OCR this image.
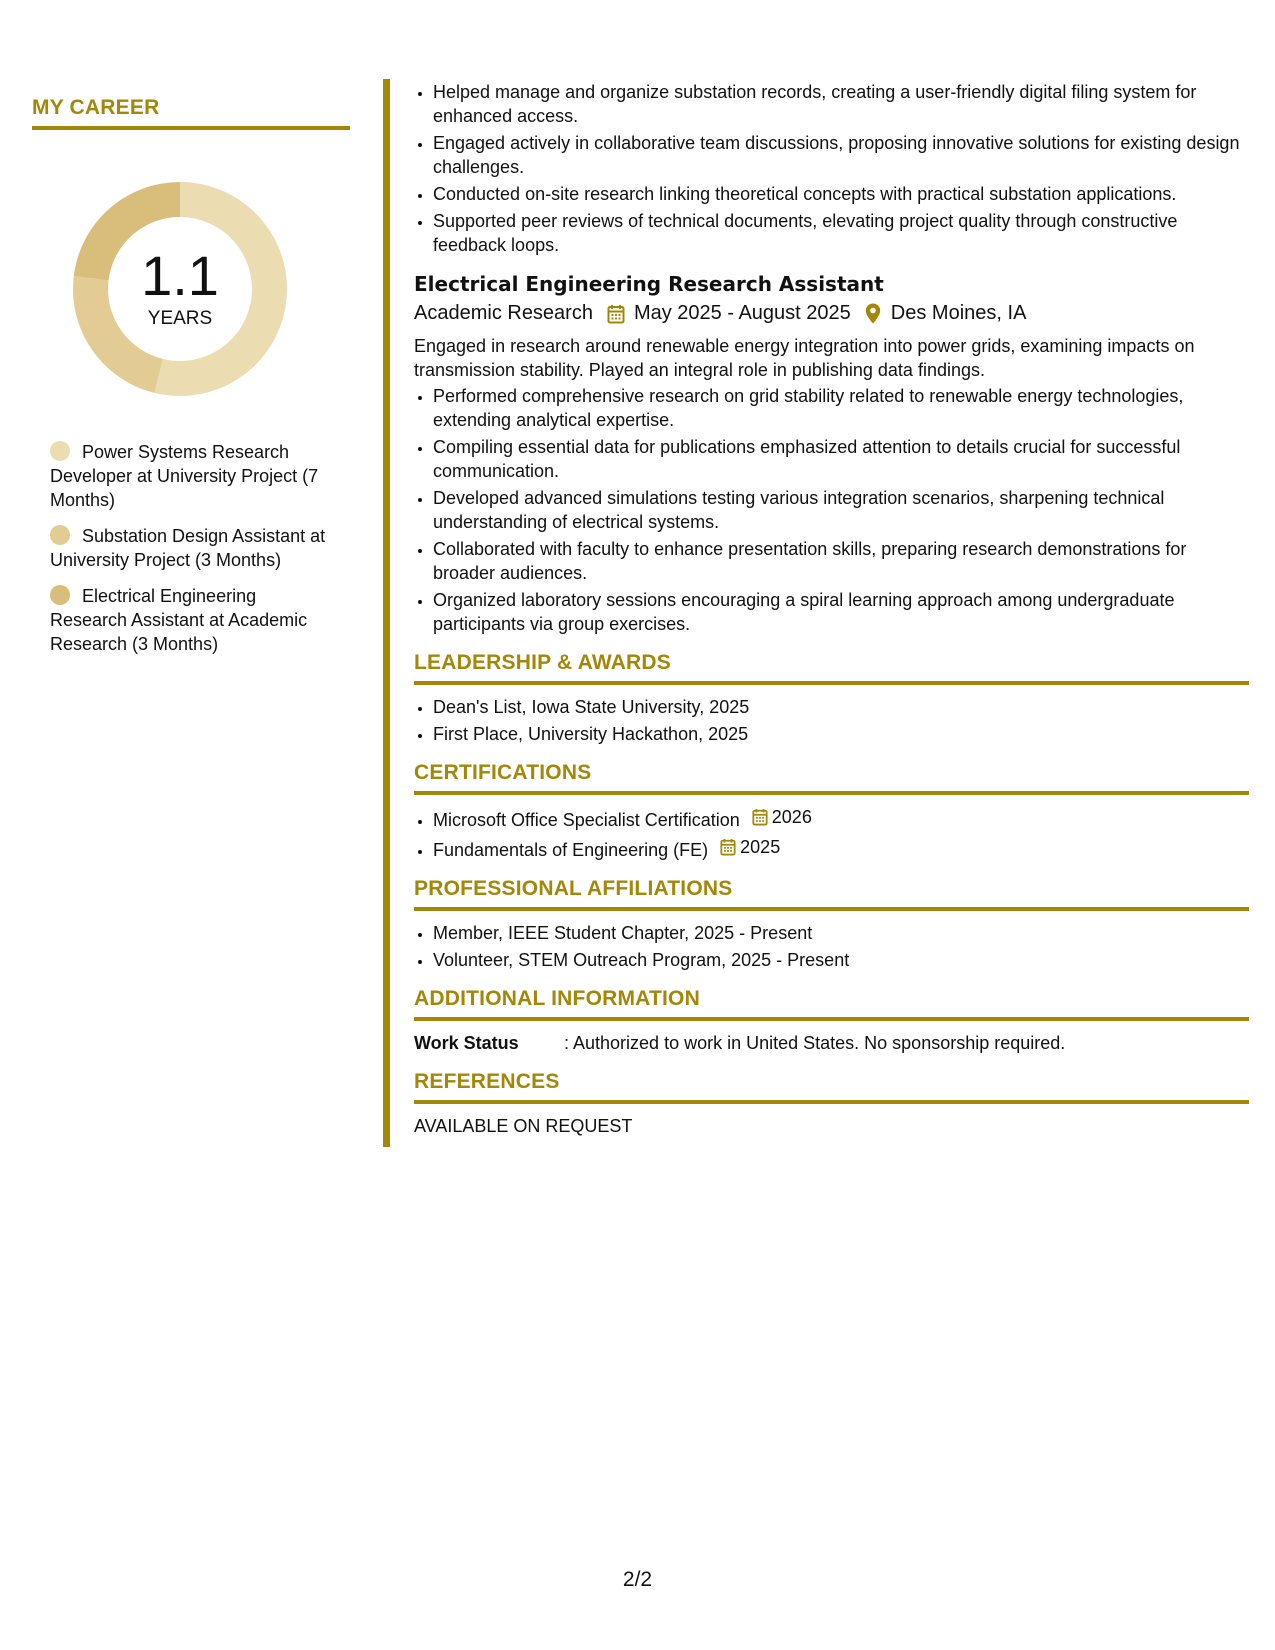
MY CAREER
1.1
YEARS
Power Systems Research Developer at University Project (7 Months)
Substation Design Assistant at University Project (3 Months)
Electrical Engineering Research Assistant at Academic Research (3 Months)
• Helped manage and organize substation records, creating a user-friendly digital filing system for enhanced access.
• Engaged actively in collaborative team discussions, proposing innovative solutions for existing design challenges.
• Conducted on-site research linking theoretical concepts with practical substation applications.
• Supported peer reviews of technical documents, elevating project quality through constructive feedback loops.
Electrical Engineering Research Assistant
Academic Research May 2025 - August 2025 Des Moines, IA
Engaged in research around renewable energy integration into power grids, examining impacts on transmission stability. Played an integral role in publishing data findings.
• Performed comprehensive research on grid stability related to renewable energy technologies, extending analytical expertise.
• Compiling essential data for publications emphasized attention to details crucial for successful communication.
• Developed advanced simulations testing various integration scenarios, sharpening technical understanding of electrical systems.
• Collaborated with faculty to enhance presentation skills, preparing research demonstrations for broader audiences.
• Organized laboratory sessions encouraging a spiral learning approach among undergraduate participants via group exercises.
LEADERSHIP & AWARDS
• Dean's List, Iowa State University, 2025
• First Place, University Hackathon, 2025
CERTIFICATIONS
• Microsoft Office Specialist Certification 2026
• Fundamentals of Engineering (FE) 2025
PROFESSIONAL AFFILIATIONS
• Member, IEEE Student Chapter, 2025 - Present
• Volunteer, STEM Outreach Program, 2025 - Present
ADDITIONAL INFORMATION
Work Status	: Authorized to work in United States. No sponsorship required.
REFERENCES
AVAILABLE ON REQUEST
2/2
